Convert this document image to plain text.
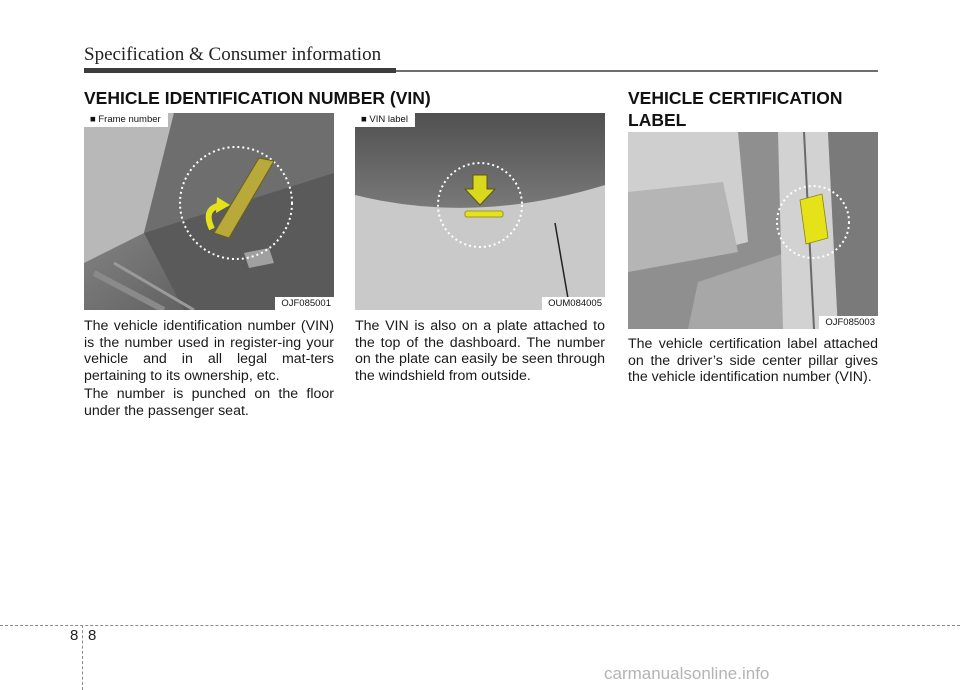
Specification & Consumer information
VEHICLE IDENTIFICATION NUMBER (VIN)	VEHICLE CERTIFICATION
LABEL
■ Frame number
OJF085001
■ VIN label
OUM084005
OJF085003

The vehicle identification number (VIN) is the number used in register-ing your vehicle and in all legal mat-ters pertaining to its ownership, etc.

The number is punched on the floor under the passenger seat.

The VIN is also on a plate attached to the top of the dashboard. The number on the plate can easily be seen through the windshield from outside.

The vehicle certification label attached on the driver’s side center pillar gives the vehicle identification number (VIN).

8 8
carmanualsonline.info
